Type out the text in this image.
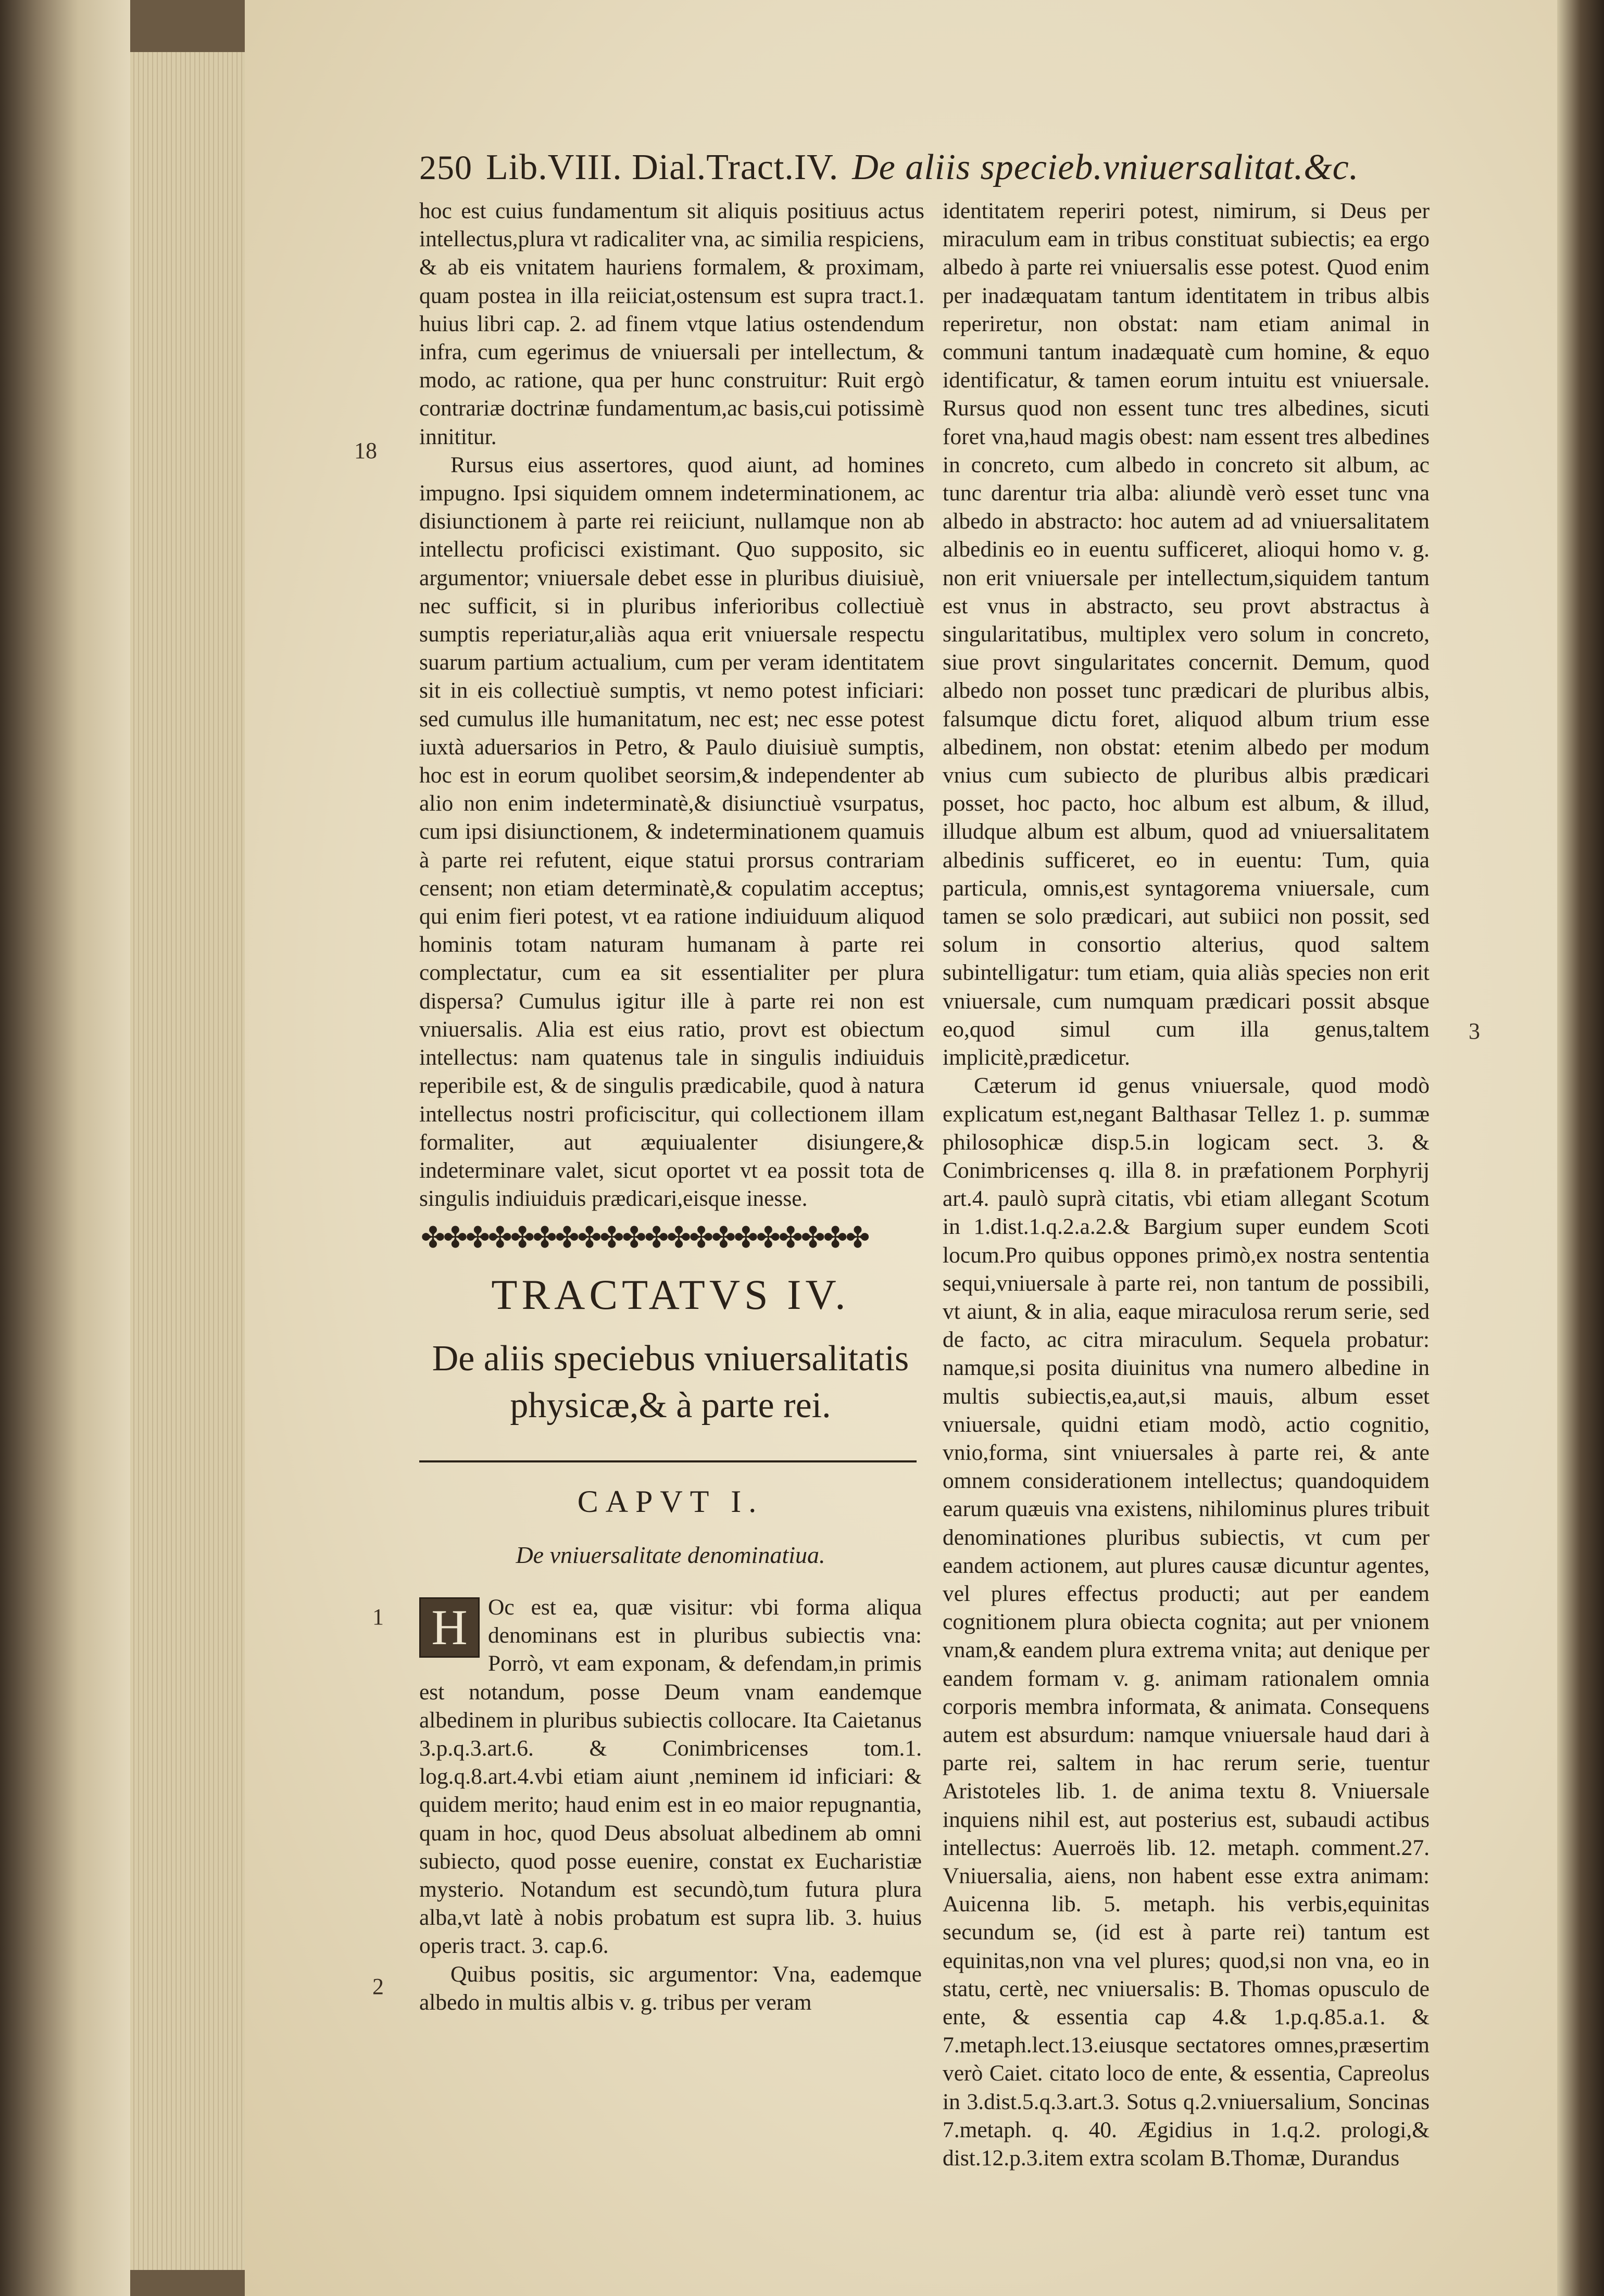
250 Lib.VIII. Dial.Tract.IV. De aliis specieb.vniuersalitat.&c.

hoc est cuius fundamentum sit aliquis positiuus actus intellectus,plura vt radicaliter vna, ac similia respiciens, & ab eis vnitatem hauriens formalem, & proximam, quam postea in illa reiiciat,ostensum est supra tract.1. huius libri cap. 2. ad finem vtque latius ostendendum infra, cum egerimus de vniuersali per intellectum, & modo, ac ratione, qua per hunc construitur: Ruit ergò contrariæ doctrinæ fundamentum,ac basis,cui potissimè innititur.

Rursus eius assertores, quod aiunt, ad homines impugno. Ipsi siquidem omnem indeterminationem, ac disiunctionem à parte rei reiiciunt, nullamque non ab intellectu proficisci existimant. Quo supposito, sic argumentor; vniuersale debet esse in pluribus diuisiuè, nec sufficit, si in pluribus inferioribus collectiuè sumptis reperiatur,aliàs aqua erit vniuersale respectu suarum partium actualium, cum per veram identitatem sit in eis collectiuè sumptis, vt nemo potest inficiari: sed cumulus ille humanitatum, nec est; nec esse potest iuxtà aduersarios in Petro, & Paulo diuisiuè sumptis, hoc est in eorum quolibet seorsim,& independenter ab alio non enim indeterminatè,& disiunctiuè vsurpatus, cum ipsi disiunctionem, & indeterminationem quamuis à parte rei refutent, eique statui prorsus contrariam censent; non etiam determinatè,& copulatim acceptus; qui enim fieri potest, vt ea ratione indiuiduum aliquod hominis totam naturam humanam à parte rei complectatur, cum ea sit essentialiter per plura dispersa? Cumulus igitur ille à parte rei non est vniuersalis. Alia est eius ratio, provt est obiectum intellectus: nam quatenus tale in singulis indiuiduis reperibile est, & de singulis prædicabile, quod à natura intellectus nostri proficiscitur, qui collectionem illam formaliter, aut æquiualenter disiungere,& indeterminare valet, sicut oportet vt ea possit tota de singulis indiuiduis prædicari,eisque inesse.

18
1
2
3
✤✤✤✤✤✤✤✤✤✤✤✤✤✤✤✤✤✤✤✤
TRACTATVS IV.
De aliis speciebus vniuersalitatis
physicæ,& à parte rei.
CAPVT I.
De vniuersalitate denominatiua.

H Oc est ea, quæ visitur: vbi forma aliqua denominans est in pluribus subiectis vna: Porrò, vt eam exponam, & defendam,in primis est notandum, posse Deum vnam eandemque albedinem in pluribus subiectis collocare. Ita Caietanus 3.p.q.3.art.6. & Conimbricenses tom.1. log.q.8.art.4.vbi etiam aiunt ,neminem id inficiari: & quidem merito; haud enim est in eo maior repugnantia, quam in hoc, quod Deus absoluat albedinem ab omni subiecto, quod posse euenire, constat ex Eucharistiæ mysterio. Notandum est secundò,tum futura plura alba,vt latè à nobis probatum est supra lib. 3. huius operis tract. 3. cap.6.

Quibus positis, sic argumentor: Vna, eademque albedo in multis albis v. g. tribus per veram

identitatem reperiri potest, nimirum, si Deus per miraculum eam in tribus constituat subiectis; ea ergo albedo à parte rei vniuersalis esse potest. Quod enim per inadæquatam tantum identitatem in tribus albis reperiretur, non obstat: nam etiam animal in communi tantum inadæquatè cum homine, & equo identificatur, & tamen eorum intuitu est vniuersale. Rursus quod non essent tunc tres albedines, sicuti foret vna,haud magis obest: nam essent tres albedines in concreto, cum albedo in concreto sit album, ac tunc darentur tria alba: aliundè verò esset tunc vna albedo in abstracto: hoc autem ad ad vniuersalitatem albedinis eo in euentu sufficeret, alioqui homo v. g. non erit vniuersale per intellectum,siquidem tantum est vnus in abstracto, seu provt abstractus à singularitatibus, multiplex vero solum in concreto, siue provt singularitates concernit. Demum, quod albedo non posset tunc prædicari de pluribus albis, falsumque dictu foret, aliquod album trium esse albedinem, non obstat: etenim albedo per modum vnius cum subiecto de pluribus albis prædicari posset, hoc pacto, hoc album est album, & illud, illudque album est album, quod ad vniuersalitatem albedinis sufficeret, eo in euentu: Tum, quia particula, omnis,est syntagorema vniuersale, cum tamen se solo prædicari, aut subiici non possit, sed solum in consortio alterius, quod saltem subintelligatur: tum etiam, quia aliàs species non erit vniuersale, cum numquam prædicari possit absque eo,quod simul cum illa genus,taltem implicitè,prædicetur.

Cæterum id genus vniuersale, quod modò explicatum est,negant Balthasar Tellez 1. p. summæ philosophicæ disp.5.in logicam sect. 3. & Conimbricenses q. illa 8. in præfationem Porphyrij art.4. paulò suprà citatis, vbi etiam allegant Scotum in 1.dist.1.q.2.a.2.& Bargium super eundem Scoti locum.Pro quibus oppones primò,ex nostra sententia sequi,vniuersale à parte rei, non tantum de possibili, vt aiunt, & in alia, eaque miraculosa rerum serie, sed de facto, ac citra miraculum. Sequela probatur: namque,si posita diuinitus vna numero albedine in multis subiectis,ea,aut,si mauis, album esset vniuersale, quidni etiam modò, actio cognitio, vnio,forma, sint vniuersales à parte rei, & ante omnem considerationem intellectus; quandoquidem earum quæuis vna existens, nihilominus plures tribuit denominationes pluribus subiectis, vt cum per eandem actionem, aut plures causæ dicuntur agentes, vel plures effectus producti; aut per eandem cognitionem plura obiecta cognita; aut per vnionem vnam,& eandem plura extrema vnita; aut denique per eandem formam v. g. animam rationalem omnia corporis membra informata, & animata. Consequens autem est absurdum: namque vniuersale haud dari à parte rei, saltem in hac rerum serie, tuentur Aristoteles lib. 1. de anima textu 8. Vniuersale inquiens nihil est, aut posterius est, subaudi actibus intellectus: Auerroës lib. 12. metaph. comment.27. Vniuersalia, aiens, non habent esse extra animam: Auicenna lib. 5. metaph. his verbis,equinitas secundum se, (id est à parte rei) tantum est equinitas,non vna vel plures; quod,si non vna, eo in statu, certè, nec vniuersalis: B. Thomas opusculo de ente, & essentia cap 4.& 1.p.q.85.a.1. & 7.metaph.lect.13.eiusque sectatores omnes,præsertim verò Caiet. citato loco de ente, & essentia, Capreolus in 3.dist.5.q.3.art.3. Sotus q.2.vniuersalium, Soncinas 7.metaph. q. 40. Ægidius in 1.q.2. prologi,& dist.12.p.3.item extra scolam B.Thomæ, Durandus
